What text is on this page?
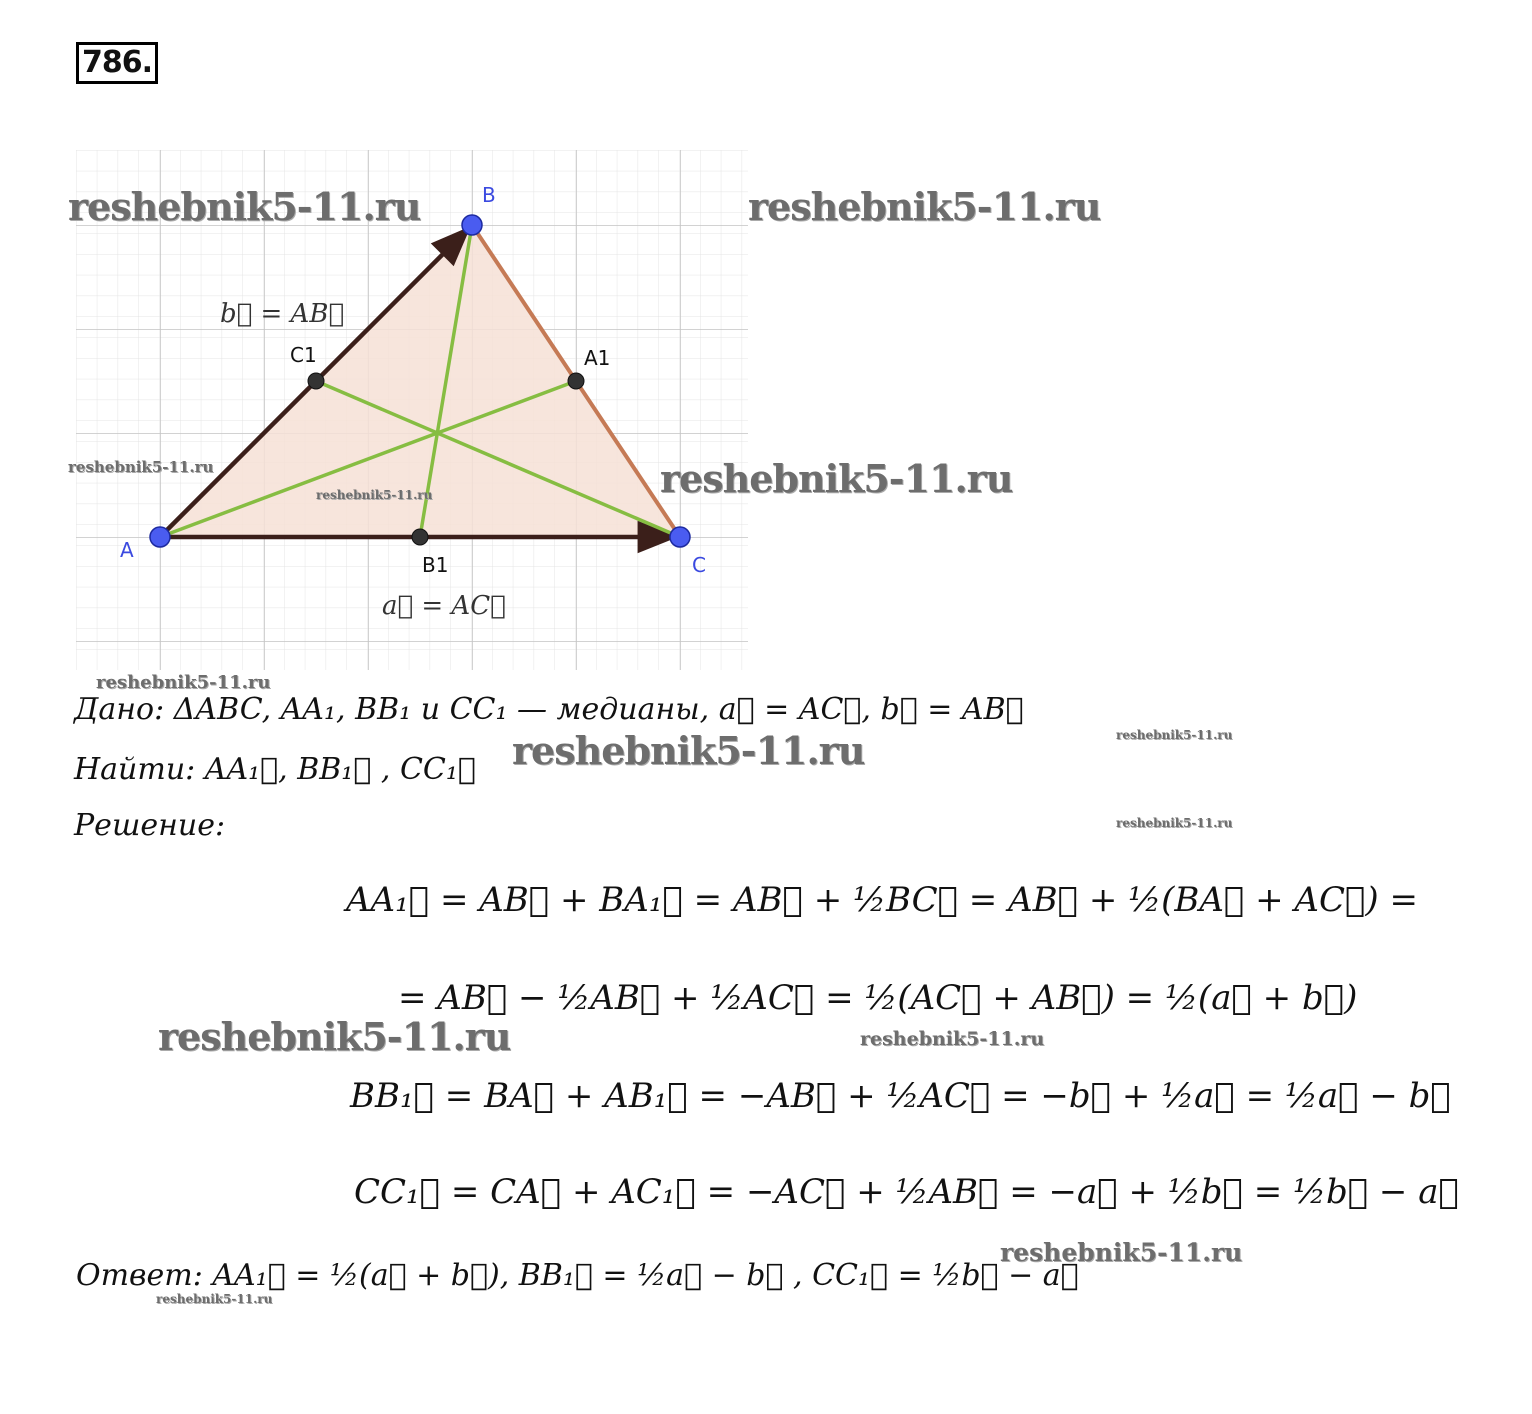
786.
A
B
C
A1
B1
C1
b⃗ = AB⃗
a⃗ = AC⃗
reshebnik5-11.ru	reshebnik5-11.ru
reshebnik5-11.ru
reshebnik5-11.ru
reshebnik5-11.ru
reshebnik5-11.ru
reshebnik5-11.ru	reshebnik5-11.ru
reshebnik5-11.ru
reshebnik5-11.ru	reshebnik5-11.ru
reshebnik5-11.ru
reshebnik5-11.ru
Дано: ΔABC, AA₁, BB₁ и CC₁ — медианы, a⃗ = AC⃗, b⃗ = AB⃗
Найти: AA₁⃗, BB₁⃗ , CC₁⃗
Решение:
AA₁⃗ = AB⃗ + BA₁⃗ = AB⃗ + ½BC⃗ = AB⃗ + ½(BA⃗ + AC⃗) =
= AB⃗ − ½AB⃗ + ½AC⃗ = ½(AC⃗ + AB⃗) = ½(a⃗ + b⃗)
BB₁⃗ = BA⃗ + AB₁⃗ = −AB⃗ + ½AC⃗ = −b⃗ + ½a⃗ = ½a⃗ − b⃗
CC₁⃗ = CA⃗ + AC₁⃗ = −AC⃗ + ½AB⃗ = −a⃗ + ½b⃗ = ½b⃗ − a⃗
Ответ: AA₁⃗ = ½(a⃗ + b⃗), BB₁⃗ = ½a⃗ − b⃗ , CC₁⃗ = ½b⃗ − a⃗
